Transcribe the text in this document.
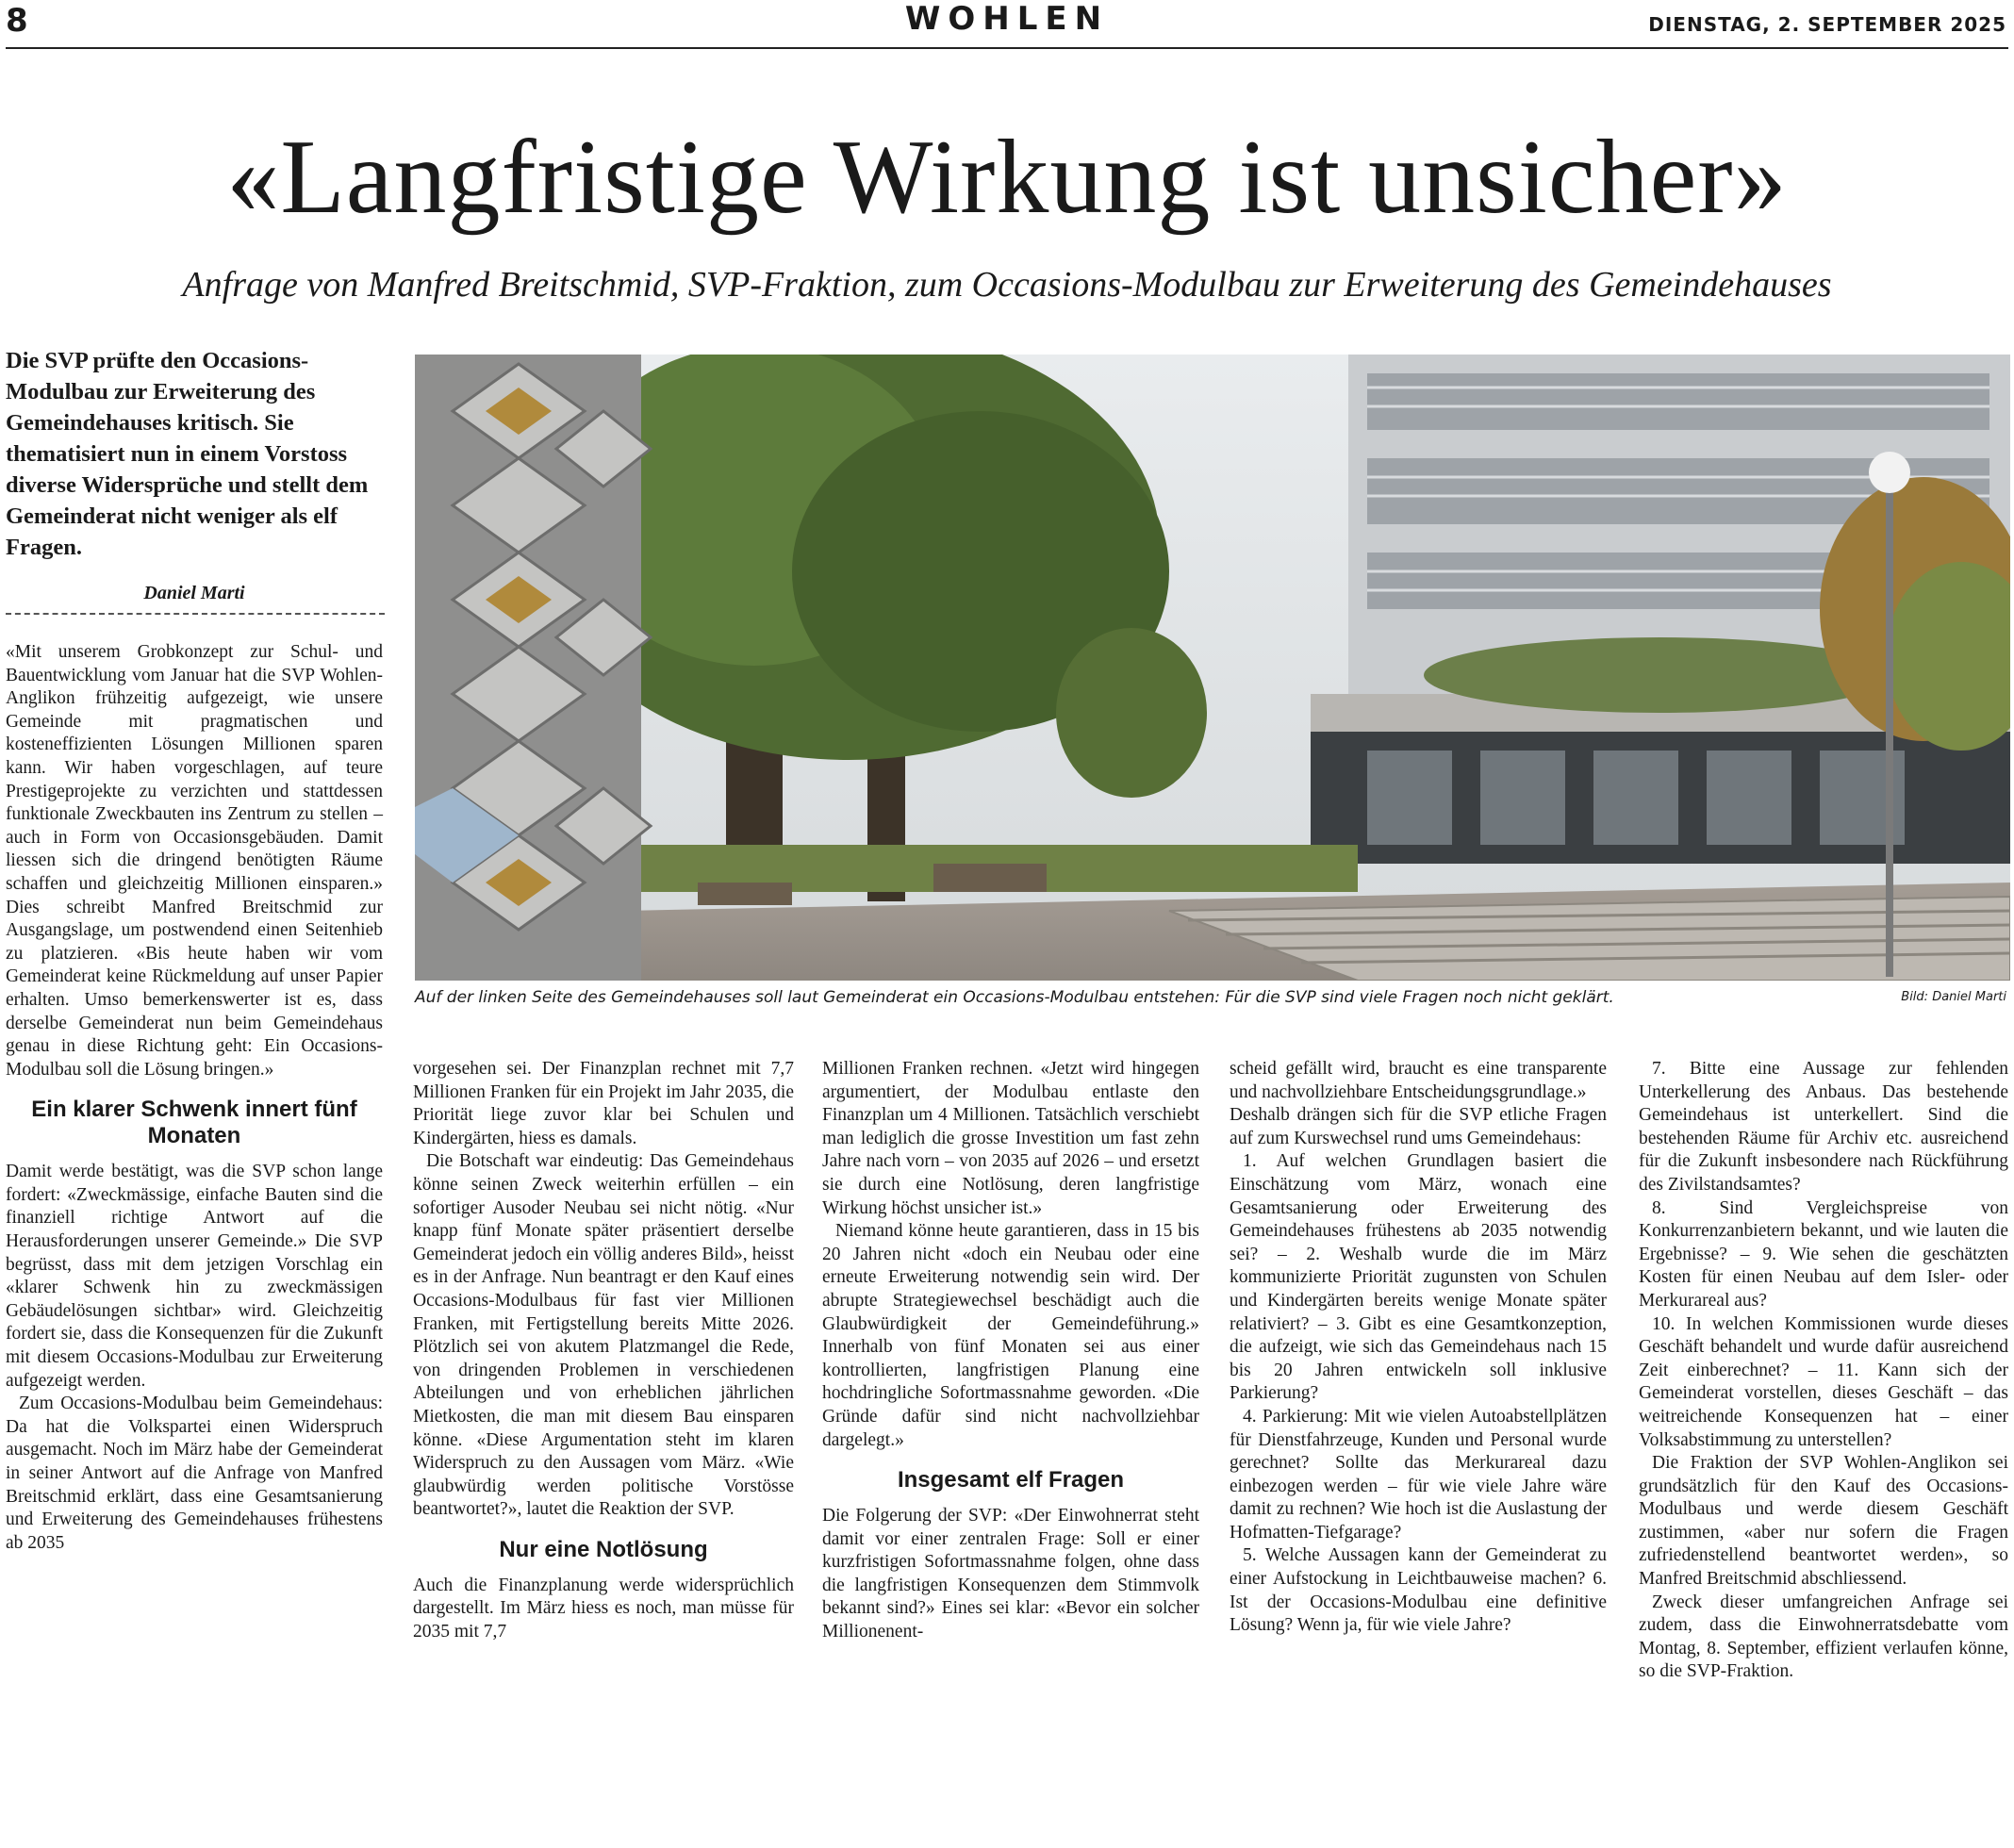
8	WOHLEN	DIENSTAG, 2. SEPTEMBER 2025
«Langfristige Wirkung ist unsicher»
Anfrage von Manfred Breitschmid, SVP-Fraktion, zum Occasions-Modulbau zur Erweiterung des Gemeindehauses
Die SVP prüfte den Occasions-Modulbau zur Erweiterung des Gemeindehauses kritisch. Sie thematisiert nun in einem Vorstoss diverse Widersprüche und stellt dem Gemeinderat nicht weniger als elf Fragen.
Daniel Marti

«Mit unserem Grobkonzept zur Schul- und Bauentwicklung vom Januar hat die SVP Wohlen-Anglikon frühzeitig aufgezeigt, wie unsere Gemeinde mit pragmatischen und kosteneffizienten Lösungen Millionen sparen kann. Wir haben vorgeschlagen, auf teure Prestigeprojekte zu verzichten und stattdessen funktionale Zweckbauten ins Zentrum zu stellen – auch in Form von Occasionsgebäuden. Damit liessen sich die dringend benötigten Räume schaffen und gleichzeitig Millionen einsparen.» Dies schreibt Manfred Breitschmid zur Ausgangslage, um postwendend einen Seitenhieb zu platzieren. «Bis heute haben wir vom Gemeinderat keine Rückmeldung auf unser Papier erhalten. Umso bemerkenswerter ist es, dass derselbe Gemeinderat nun beim Gemeindehaus genau in diese Richtung geht: Ein Occasions-Modulbau soll die Lösung bringen.»

Ein klarer Schwenk innert fünf Monaten

Damit werde bestätigt, was die SVP schon lange fordert: «Zweckmässige, einfache Bauten sind die finanziell richtige Antwort auf die Herausforderungen unserer Gemeinde.» Die SVP begrüsst, dass mit dem jetzigen Vorschlag ein «klarer Schwenk hin zu zweckmässigen Gebäudelösungen sichtbar» wird. Gleichzeitig fordert sie, dass die Konsequenzen für die Zukunft mit diesem Occasions-Modulbau zur Erweiterung aufgezeigt werden.

Zum Occasions-Modulbau beim Gemeindehaus: Da hat die Volkspartei einen Widerspruch ausgemacht. Noch im März habe der Gemeinderat in seiner Antwort auf die Anfrage von Manfred Breitschmid erklärt, dass eine Gesamtsanierung und Erweiterung des Gemeindehauses frühestens ab 2035

Auf der linken Seite des Gemeindehauses soll laut Gemeinderat ein Occasions-Modulbau entstehen: Für die SVP sind viele Fragen noch nicht geklärt.	Bild: Daniel Marti

vorgesehen sei. Der Finanzplan rechnet mit 7,7 Millionen Franken für ein Projekt im Jahr 2035, die Priorität liege zuvor klar bei Schulen und Kindergärten, hiess es damals.

Die Botschaft war eindeutig: Das Gemeindehaus könne seinen Zweck weiterhin erfüllen – ein sofortiger Ausoder Neubau sei nicht nötig. «Nur knapp fünf Monate später präsentiert derselbe Gemeinderat jedoch ein völlig anderes Bild», heisst es in der Anfrage. Nun beantragt er den Kauf eines Occasions-Modulbaus für fast vier Millionen Franken, mit Fertigstellung bereits Mitte 2026. Plötzlich sei von akutem Platzmangel die Rede, von dringenden Problemen in verschiedenen Abteilungen und von erheblichen jährlichen Mietkosten, die man mit diesem Bau einsparen könne. «Diese Argumentation steht im klaren Widerspruch zu den Aussagen vom März. «Wie glaubwürdig werden politische Vorstösse beantwortet?», lautet die Reaktion der SVP.

Nur eine Notlösung

Auch die Finanzplanung werde widersprüchlich dargestellt. Im März hiess es noch, man müsse für 2035 mit 7,7

Millionen Franken rechnen. «Jetzt wird hingegen argumentiert, der Modulbau entlaste den Finanzplan um 4 Millionen. Tatsächlich verschiebt man lediglich die grosse Investition um fast zehn Jahre nach vorn – von 2035 auf 2026 – und ersetzt sie durch eine Notlösung, deren langfristige Wirkung höchst unsicher ist.»

Niemand könne heute garantieren, dass in 15 bis 20 Jahren nicht «doch ein Neubau oder eine erneute Erweiterung notwendig sein wird. Der abrupte Strategiewechsel beschädigt auch die Glaubwürdigkeit der Gemeindeführung.» Innerhalb von fünf Monaten sei aus einer kontrollierten, langfristigen Planung eine hochdringliche Sofortmassnahme geworden. «Die Gründe dafür sind nicht nachvollziehbar dargelegt.»

Insgesamt elf Fragen

Die Folgerung der SVP: «Der Einwohnerrat steht damit vor einer zentralen Frage: Soll er einer kurzfristigen Sofortmassnahme folgen, ohne dass die langfristigen Konsequenzen dem Stimmvolk bekannt sind?» Eines sei klar: «Bevor ein solcher Millionenent-

scheid gefällt wird, braucht es eine transparente und nachvollziehbare Entscheidungsgrundlage.»

Deshalb drängen sich für die SVP etliche Fragen auf zum Kurswechsel rund ums Gemeindehaus:

1. Auf welchen Grundlagen basiert die Einschätzung vom März, wonach eine Gesamtsanierung oder Erweiterung des Gemeindehauses frühestens ab 2035 notwendig sei? – 2. Weshalb wurde die im März kommunizierte Priorität zugunsten von Schulen und Kindergärten bereits wenige Monate später relativiert? – 3. Gibt es eine Gesamtkonzeption, die aufzeigt, wie sich das Gemeindehaus nach 15 bis 20 Jahren entwickeln soll inklusive Parkierung?

4. Parkierung: Mit wie vielen Autoabstellplätzen für Dienstfahrzeuge, Kunden und Personal wurde gerechnet? Sollte das Merkurareal dazu einbezogen werden – für wie viele Jahre wäre damit zu rechnen? Wie hoch ist die Auslastung der Hofmatten-Tiefgarage?

5. Welche Aussagen kann der Gemeinderat zu einer Aufstockung in Leichtbauweise machen? 6. Ist der Occasions-Modulbau eine definitive Lösung? Wenn ja, für wie viele Jahre?

7. Bitte eine Aussage zur fehlenden Unterkellerung des Anbaus. Das bestehende Gemeindehaus ist unterkellert. Sind die bestehenden Räume für Archiv etc. ausreichend für die Zukunft insbesondere nach Rückführung des Zivilstandsamtes?

8. Sind Vergleichspreise von Konkurrenzanbietern bekannt, und wie lauten die Ergebnisse? – 9. Wie sehen die geschätzten Kosten für einen Neubau auf dem Isler- oder Merkurareal aus?

10. In welchen Kommissionen wurde dieses Geschäft behandelt und wurde dafür ausreichend Zeit einberechnet? – 11. Kann sich der Gemeinderat vorstellen, dieses Geschäft – das weitreichende Konsequenzen hat – einer Volksabstimmung zu unterstellen?

Die Fraktion der SVP Wohlen-Anglikon sei grundsätzlich für den Kauf des Occasions-Modulbaus und werde diesem Geschäft zustimmen, «aber nur sofern die Fragen zufriedenstellend beantwortet werden», so Manfred Breitschmid abschliessend.

Zweck dieser umfangreichen Anfrage sei zudem, dass die Einwohnerratsdebatte vom Montag, 8. September, effizient verlaufen könne, so die SVP-Fraktion.
